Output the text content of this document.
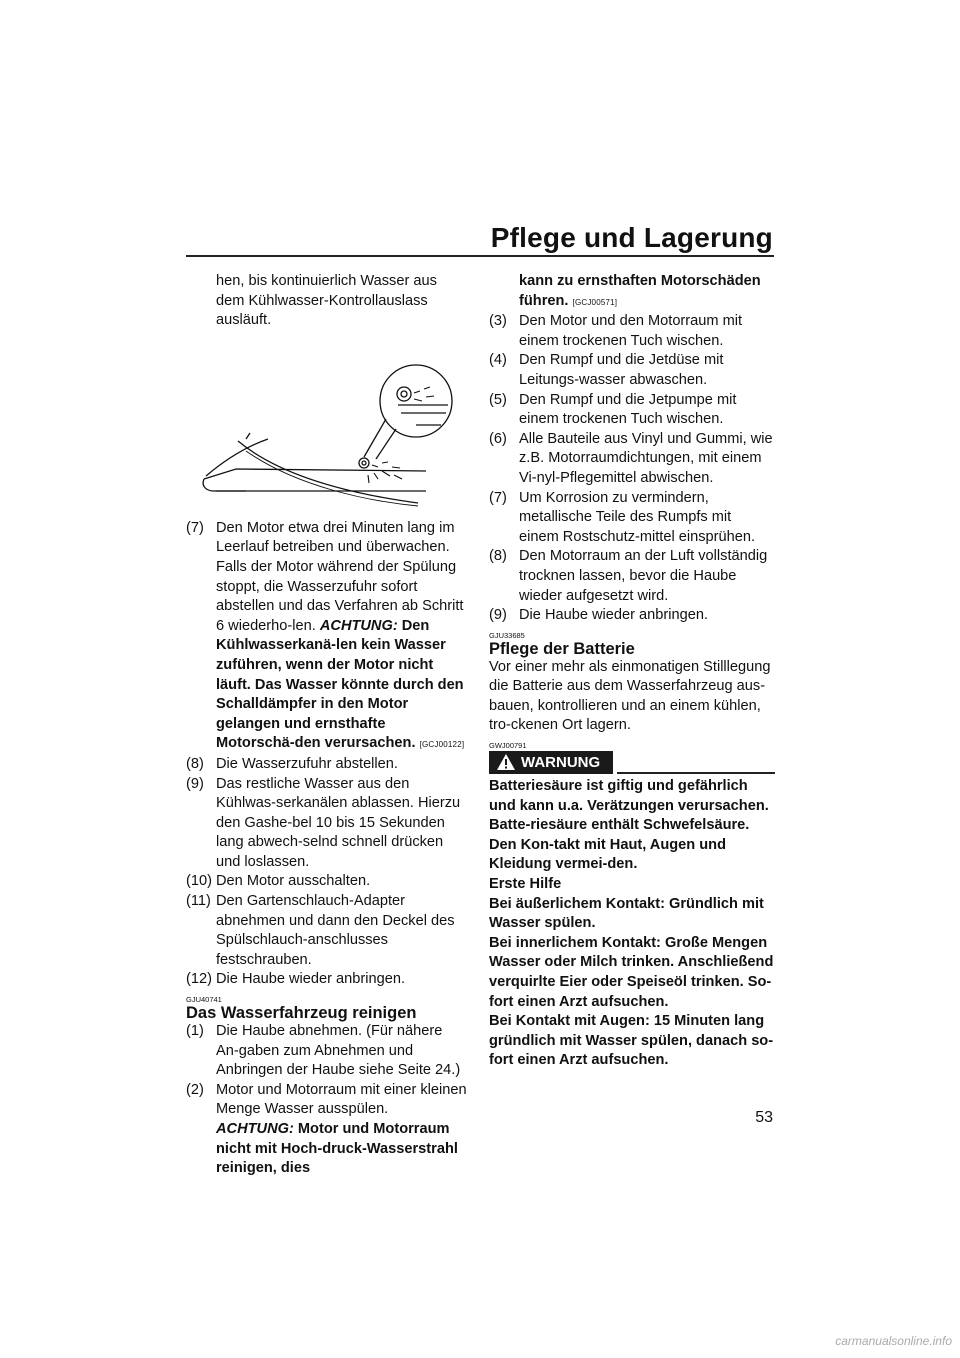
Pflege und Lagerung

hen, bis kontinuierlich Wasser aus dem Kühlwasser-Kontrollauslass ausläuft.

(7) Den Motor etwa drei Minuten lang im Leerlauf betreiben und überwachen. Falls der Motor während der Spülung stoppt, die Wasserzufuhr sofort abstellen und das Verfahren ab Schritt 6 wiederho-len. ACHTUNG: Den Kühlwasserkanä-len kein Wasser zuführen, wenn der Motor nicht läuft. Das Wasser könnte durch den Schalldämpfer in den Motor gelangen und ernsthafte Motorschä-den verursachen. [GCJ00122]
(8) Die Wasserzufuhr abstellen.
(9) Das restliche Wasser aus den Kühlwas-serkanälen ablassen. Hierzu den Gashe-bel 10 bis 15 Sekunden lang abwech-selnd schnell drücken und loslassen.
(10) Den Motor ausschalten.
(11) Den Gartenschlauch-Adapter abnehmen und dann den Deckel des Spülschlauch-anschlusses festschrauben.
(12) Die Haube wieder anbringen.
GJU40741
Das Wasserfahrzeug reinigen
(1) Die Haube abnehmen. (Für nähere An-gaben zum Abnehmen und Anbringen der Haube siehe Seite 24.)
(2) Motor und Motorraum mit einer kleinen Menge Wasser ausspülen. ACHTUNG: Motor und Motorraum nicht mit Hoch-druck-Wasserstrahl reinigen, dies

kann zu ernsthaften Motorschäden führen. [GCJ00571]

(3) Den Motor und den Motorraum mit einem trockenen Tuch wischen.
(4) Den Rumpf und die Jetdüse mit Leitungs-wasser abwaschen.
(5) Den Rumpf und die Jetpumpe mit einem trockenen Tuch wischen.
(6) Alle Bauteile aus Vinyl und Gummi, wie z.B. Motorraumdichtungen, mit einem Vi-nyl-Pflegemittel abwischen.
(7) Um Korrosion zu vermindern, metallische Teile des Rumpfs mit einem Rostschutz-mittel einsprühen.
(8) Den Motorraum an der Luft vollständig trocknen lassen, bevor die Haube wieder aufgesetzt wird.
(9) Die Haube wieder anbringen.
GJU33685
Pflege der Batterie

Vor einer mehr als einmonatigen Stilllegung die Batterie aus dem Wasserfahrzeug aus-bauen, kontrollieren und an einem kühlen, tro-ckenen Ort lagern.

GWJ00791
WARNUNG

Batteriesäure ist giftig und gefährlich und kann u.a. Verätzungen verursachen. Batte-riesäure enthält Schwefelsäure. Den Kon-takt mit Haut, Augen und Kleidung vermei-den.

Erste Hilfe

Bei äußerlichem Kontakt: Gründlich mit Wasser spülen.

Bei innerlichem Kontakt: Große Mengen Wasser oder Milch trinken. Anschließend verquirlte Eier oder Speiseöl trinken. So-fort einen Arzt aufsuchen.

Bei Kontakt mit Augen: 15 Minuten lang gründlich mit Wasser spülen, danach so-fort einen Arzt aufsuchen.

53
carmanualsonline.info
